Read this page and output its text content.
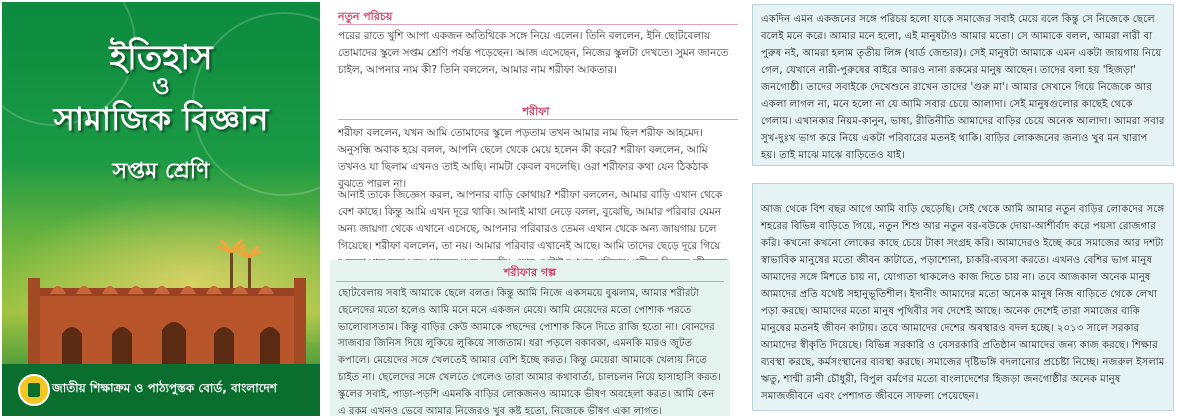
ইতিহাস
ও
সামাজিক বিজ্ঞান
সপ্তম শ্রেণি
জাতীয় শিক্ষাক্রম ও পাঠ্যপুস্তক বোর্ড, বাংলাদেশ
নতুন পরিচয়

পরের রাতে খুশি আপা একজন অতিথিকে সঙ্গে নিয়ে এলেন। তিনি বললেন, ইনি ছোটবেলায় তোমাদের স্কুলে সপ্তম শ্রেণি পর্যন্ত পড়েছেন। আজ এসেছেন, নিজের স্কুলটা দেখতে। সুমন জানতে চাইল, আপনার নাম কী? তিনি বললেন, আমার নাম শরীফা আকতার।

শরীফা

শরীফা বললেন, যখন আমি তোমাদের স্কুলে পড়তাম তখন আমার নাম ছিল শরীফ আহমেদ। অনুসন্ধি অবাক হয়ে বলল, আপনি ছেলে থেকে মেয়ে হলেন কী করে? শরীফা বললেন, আমি তখনও যা ছিলাম এখনও তাই আছি। নামটা কেবল বদলেছি। ওরা শরীফার কথা যেন ঠিকঠাক বুঝতে পারল না।

আনাই তাকে জিজ্ঞেস করল, আপনার বাড়ি কোথায়? শরীফা বললেন, আমার বাড়ি এখান থেকে বেশ কাছে। কিন্তু আমি এখন দূরে থাকি। আনাই মাথা নেড়ে বলল, বুঝেছি, আমার পরিবার যেমন অন্য জায়গা থেকে এখানে এসেছে, আপনার পরিবারও তেমন এখান থেকে অন্য জায়গায় চলে গিয়েছে। শরীফা বললেন, তা নয়। আমার পরিবার এখানেই আছে। আমি তাদের ছেড়ে দূরে গিয়ে

শরীফার গল্প

ছোটবেলায় সবাই আমাকে ছেলে বলত। কিন্তু আমি নিজে একসময়ে বুঝলাম, আমার শরীরটা ছেলেদের মতো হলেও আমি মনে মনে একজন মেয়ে। আমি মেয়েদের মতো পোশাক পরতে ভালোবাসতাম। কিন্তু বাড়ির কেউ আমাকে পছন্দের পোশাক কিনে দিতে রাজি হতো না। বোনদের সাজবার জিনিস দিয়ে লুকিয়ে লুকিয়ে সাজতাম। ধরা পড়লে বকাবকা, এমনকি মারও জুটত কপালে। মেয়েদের সঙ্গে খেলতেই আমার বেশি ইচ্ছে করত। কিন্তু মেয়েরা আমাকে খেলায় নিতে চাইত না। ছেলেদের সঙ্গে খেলতে গেলেও তারা আমার কথাবার্তা, চালচলন নিয়ে হাসাহাসি করত। স্কুলের সবাই, পাড়া-পড়শি এমনকি বাড়ির লোকজনও আমাকে ভীষণ অবহেলা করত। আমি কেন এ রকম এখনও ভেবে আমার নিজেরও খুব কষ্ট হতো, নিজেকে ভীষণ একা লাগত।

একদিন এমন একজনের সঙ্গে পরিচয় হলো যাকে সমাজের সবাই মেয়ে বলে কিন্তু সে নিজেকে ছেলে বলেই মনে করে। আমার মনে হলো, এই মানুষটাও আমার মতো। সে আমাকে বলল, আমরা নারী বা পুরুষ নই, আমরা হলাম তৃতীয় লিঙ্গ (থার্ড জেন্ডার)। সেই মানুষটা আমাকে এমন একটা জায়গায় নিয়ে গেল, যেখানে নারী-পুরুষের বাইরে আরও নানা রকমের মানুষ আছেন। তাদের বলা হয় 'হিজড়া' জনগোষ্ঠী। তাদের সবাইকে দেখেশুনে রাখেন তাদের 'গুরু মা'। আমার সেখানে গিয়ে নিজেকে আর একলা লাগল না, মনে হলো না যে আমি সবার চেয়ে আলাদা। সেই মানুষগুলোর কাছেই থেকে গেলাম। এখানকার নিয়ম-কানুন, ভাষা, রীতিনীতি আমাদের বাড়ির চেয়ে অনেক আলাদা। আমরা সবার সুখ-দুঃখ ভাগ করে নিয়ে একটা পরিবারের মতনই থাকি। বাড়ির লোকজনের জন্যও খুব মন খারাপ হয়। তাই মাঝে মাঝে বাড়িতেও যাই।

আজ থেকে বিশ বছর আগে আমি বাড়ি ছেড়েছি। সেই থেকে আমি আমার নতুন বাড়ির লোকদের সঙ্গে শহরের বিভিন্ন বাড়িতে গিয়ে, নতুন শিশু আর নতুন বর-বউকে দোয়া-আশীর্বাদ করে পয়সা রোজগার করি। কখনো কখনো লোকের কাছে চেয়ে টাকা সংগ্রহ করি। আমাদেরও ইচ্ছে করে সমাজের আর দশটা স্বাভাবিক মানুষের মতো জীবন কাটাতে, পড়াশোনা, চাকরি-ব্যবসা করতে। এখনও বেশির ভাগ মানুষ আমাদের সঙ্গে মিশতে চায় না, যোগ্যতা থাকলেও কাজ দিতে চায় না। তবে আজকাল অনেক মানুষ আমাদের প্রতি যথেষ্ট সহানুভূতিশীল। ইদানীং আমাদের মতো অনেক মানুষ নিজ বাড়িতে থেকে লেখা পড়া করছে। আমাদের মতো মানুষ পৃথিবীর সব দেশেই আছে। অনেক দেশেই তারা সমাজের বাকি মানুষের মতনই জীবন কাটায়। তবে আমাদের দেশের অবস্থারও বদল হচ্ছে। ২০১৩ সালে সরকার আমাদের স্বীকৃতি দিয়েছে। বিভিন্ন সরকারি ও বেসরকারি প্রতিষ্ঠান আমাদের জন্য কাজ করছে। শিক্ষার ব্যবস্থা করছে, কর্মসংস্থানের ব্যবস্থা করছে। সমাজের দৃষ্টিভঙ্গি বদলানোর প্রচেষ্টা নিচ্ছে। নজরুল ইসলাম ঋতু, শাম্মী রানী চৌধুরী, বিপুল বর্মণের মতো বাংলাদেশের হিজড়া জনগোষ্ঠীর অনেক মানুষ সমাজজীবনে এবং পেশাগত জীবনে সাফল্য পেয়েছেন।
